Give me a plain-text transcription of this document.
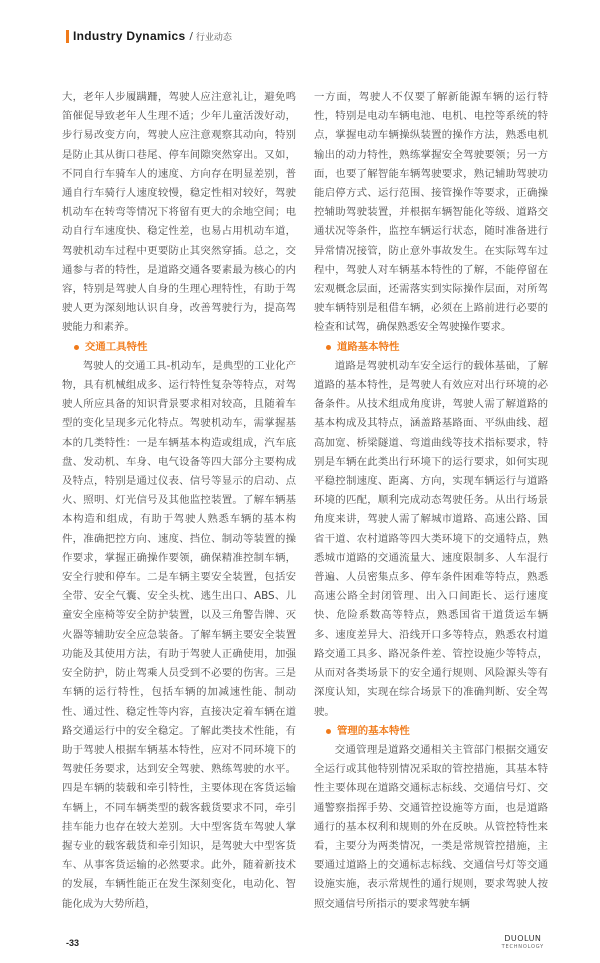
Industry Dynamics / 行业动态

大，老年人步履蹒跚，驾驶人应注意礼让，避免鸣笛催促导致老年人生理不适；少年儿童活泼好动，步行易改变方向，驾驶人应注意观察其动向，特别是防止其从街口巷尾、停车间隙突然穿出。又如，不同自行车骑车人的速度、方向存在明显差别，普通自行车骑行人速度较慢，稳定性相对较好，驾驶机动车在转弯等情况下将留有更大的余地空间；电动自行车速度快、稳定性差，也易占用机动车道，驾驶机动车过程中更要防止其突然穿插。总之，交通参与者的特性，是道路交通各要素最为核心的内容，特别是驾驶人自身的生理心理特性，有助于驾驶人更为深刻地认识自身，改善驾驶行为，提高驾驶能力和素养。

交通工具特性

驾驶人的交通工具-机动车，是典型的工业化产物，具有机械组成多、运行特性复杂等特点，对驾驶人所应具备的知识背景要求相对较高，且随着车型的变化呈现多元化特点。驾驶机动车，需掌握基本的几类特性：一是车辆基本构造或组成，汽车底盘、发动机、车身、电气设备等四大部分主要构成及特点，特别是通过仪表、信号等显示的启动、点火、照明、灯光信号及其他监控装置。了解车辆基本构造和组成，有助于驾驶人熟悉车辆的基本构件，准确把控方向、速度、挡位、制动等装置的操作要求，掌握正确操作要领，确保精准控制车辆，安全行驶和停车。二是车辆主要安全装置，包括安全带、安全气囊、安全头枕、逃生出口、ABS、儿童安全座椅等安全防护装置，以及三角警告牌、灭火器等辅助安全应急装备。了解车辆主要安全装置功能及其使用方法，有助于驾驶人正确使用，加强安全防护，防止驾乘人员受到不必要的伤害。三是车辆的运行特性，包括车辆的加减速性能、制动性、通过性、稳定性等内容，直接决定着车辆在道路交通运行中的安全稳定。了解此类技术性能，有助于驾驶人根据车辆基本特性，应对不同环境下的驾驶任务要求，达到安全驾驶、熟练驾驶的水平。四是车辆的装载和牵引特性，主要体现在客货运输车辆上，不同车辆类型的载客载货要求不同，牵引挂车能力也存在较大差别。大中型客货车驾驶人掌握专业的载客载货和牵引知识，是驾驶大中型客货车、从事客货运输的必然要求。此外，随着新技术的发展，车辆性能正在发生深刻变化，电动化、智能化成为大势所趋，

一方面，驾驶人不仅要了解新能源车辆的运行特性，特别是电动车辆电池、电机、电控等系统的特点，掌握电动车辆操纵装置的操作方法，熟悉电机输出的动力特性，熟练掌握安全驾驶要领；另一方面，也要了解智能车辆驾驶要求，熟记辅助驾驶功能启停方式、运行范围、接管操作等要求，正确操控辅助驾驶装置，并根据车辆智能化等级、道路交通状况等条件，监控车辆运行状态，随时准备进行异常情况接管，防止意外事故发生。在实际驾车过程中，驾驶人对车辆基本特性的了解，不能停留在宏观概念层面，还需落实到实际操作层面，对所驾驶车辆特别是租借车辆，必须在上路前进行必要的检查和试驾，确保熟悉安全驾驶操作要求。

道路基本特性

道路是驾驶机动车安全运行的载体基础，了解道路的基本特性，是驾驶人有效应对出行环境的必备条件。从技术组成角度讲，驾驶人需了解道路的基本构成及其特点，涵盖路基路面、平纵曲线、超高加宽、桥梁隧道、弯道曲线等技术指标要求，特别是车辆在此类出行环境下的运行要求，如何实现平稳控制速度、距离、方向，实现车辆运行与道路环境的匹配，顺利完成动态驾驶任务。从出行场景角度来讲，驾驶人需了解城市道路、高速公路、国省干道、农村道路等四大类环境下的交通特点，熟悉城市道路的交通流量大、速度限制多、人车混行普遍、人员密集点多、停车条件困难等特点，熟悉高速公路全封闭管理、出入口间距长、运行速度快、危险系数高等特点，熟悉国省干道货运车辆多、速度差异大、沿线开口多等特点，熟悉农村道路交通工具多、路况条件差、管控设施少等特点，从而对各类场景下的安全通行规则、风险源头等有深度认知，实现在综合场景下的准确判断、安全驾驶。

管理的基本特性

交通管理是道路交通相关主管部门根据交通安全运行或其他特别情况采取的管控措施，其基本特性主要体现在道路交通标志标线、交通信号灯、交通警察指挥手势、交通管控设施等方面，也是道路通行的基本权利和规则的外在反映。从管控特性来看，主要分为两类情况，一类是常规管控措施，主要通过道路上的交通标志标线、交通信号灯等交通设施实施，表示常规性的通行规则，要求驾驶人按照交通信号所指示的要求驾驶车辆

-33	DUOLUN
TECHNOLOGY
